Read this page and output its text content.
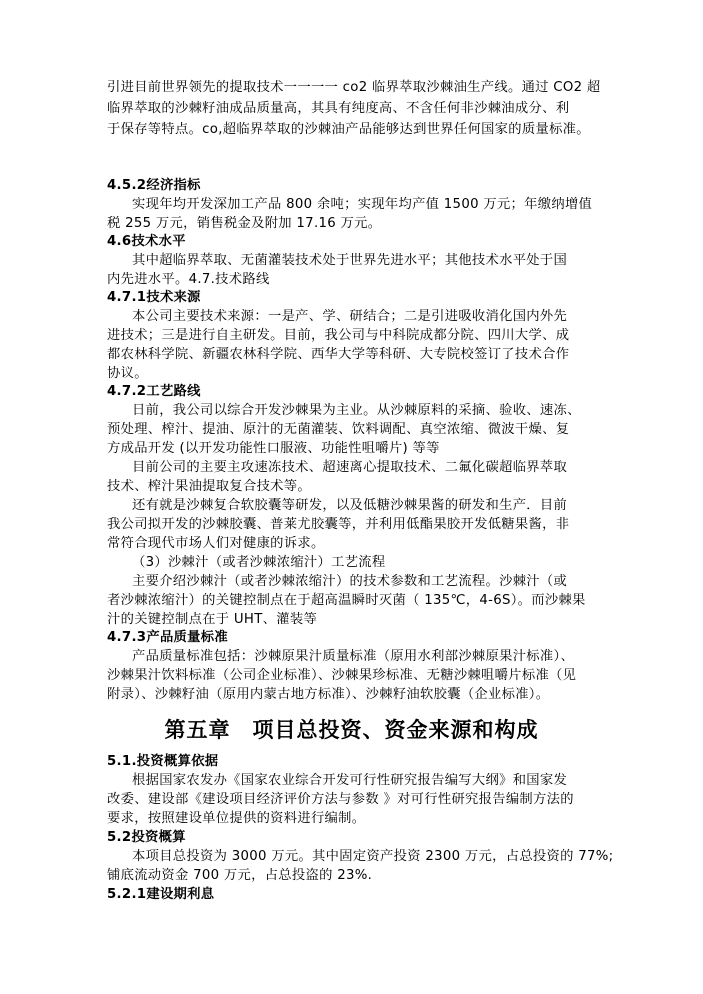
引进目前世界领先的提取技术一一一一 co2 临界萃取沙棘油生产线。通过 CO2 超
临界萃取的沙棘籽油成品质量高，其具有纯度高、不含任何非沙棘油成分、利
于保存等特点。co,超临界萃取的沙棘油产品能够达到世界任何国家的质量标准。
4.5.2经济指标
实现年均开发深加工产品 800 余吨；实现年均产值 1500 万元；年缴纳增值
税 255 万元，销售税金及附加 17.16 万元。
4.6技术水平
其中超临界萃取、无菌灌装技术处于世界先进水平；其他技术水平处于国
内先进水平。4.7.技术路线
4.7.1技术来源
本公司主要技术来源：一是产、学、研结合；二是引进吸收消化国内外先
进技术；三是进行自主研发。目前，我公司与中科院成都分院、四川大学、成
都农林科学院、新疆农林科学院、西华大学等科研、大专院校签订了技术合作
协议。
4.7.2工艺路线
日前，我公司以综合开发沙棘果为主业。从沙棘原料的采摘、验收、速冻、
预处理、榨汁、提油、原汁的无菌灌装、饮料调配、真空浓缩、微波干燥、复
方成品开发 (以开发功能性口服液、功能性咀嚼片) 等等
目前公司的主要主攻速冻技术、超速离心提取技术、二氟化碳超临界萃取
技术、榨汁果油提取复合技术等。
还有就是沙棘复合软胶囊等研发，以及低糖沙棘果酱的研发和生产．目前
我公司拟开发的沙棘胶囊、普莱尤胶囊等，并利用低酯果胶开发低糖果酱，非
常符合现代市场人们对健康的诉求。
（3）沙棘汁（或者沙棘浓缩汁）工艺流程
主要介绍沙棘汁（或者沙棘浓缩汁）的技术参数和工艺流程。沙棘汁（或
者沙棘浓缩汁）的关键控制点在于超高温瞬时灭菌（ 135℃，4-6S）。而沙棘果
汁的关键控制点在于 UHT、灌装等
4.7.3产品质量标准
产品质量标准包括：沙棘原果汁质量标准（原用水利部沙棘原果汁标准）、
沙棘果汁饮料标准（公司企业标准）、沙棘果珍标准、无糖沙棘咀嚼片标准（见
附录）、沙棘籽油（原用内蒙古地方标准）、沙棘籽油软胶囊（企业标准）。
第五章　项目总投资、资金来源和构成
5.1.投资概算依据
根据国家农发办《国家农业综合开发可行性研究报告编写大纲》和国家发
改委、建设部《建设项目经济评价方法与参数 》对可行性研究报告编制方法的
要求，按照建设单位提供的资料进行编制。
5.2投资概算
本项目总投资为 3000 万元。其中固定资产投资 2300 万元，占总投资的 77%;
铺底流动资金 700 万元，占总投盗的 23%.
5.2.1建设期利息
